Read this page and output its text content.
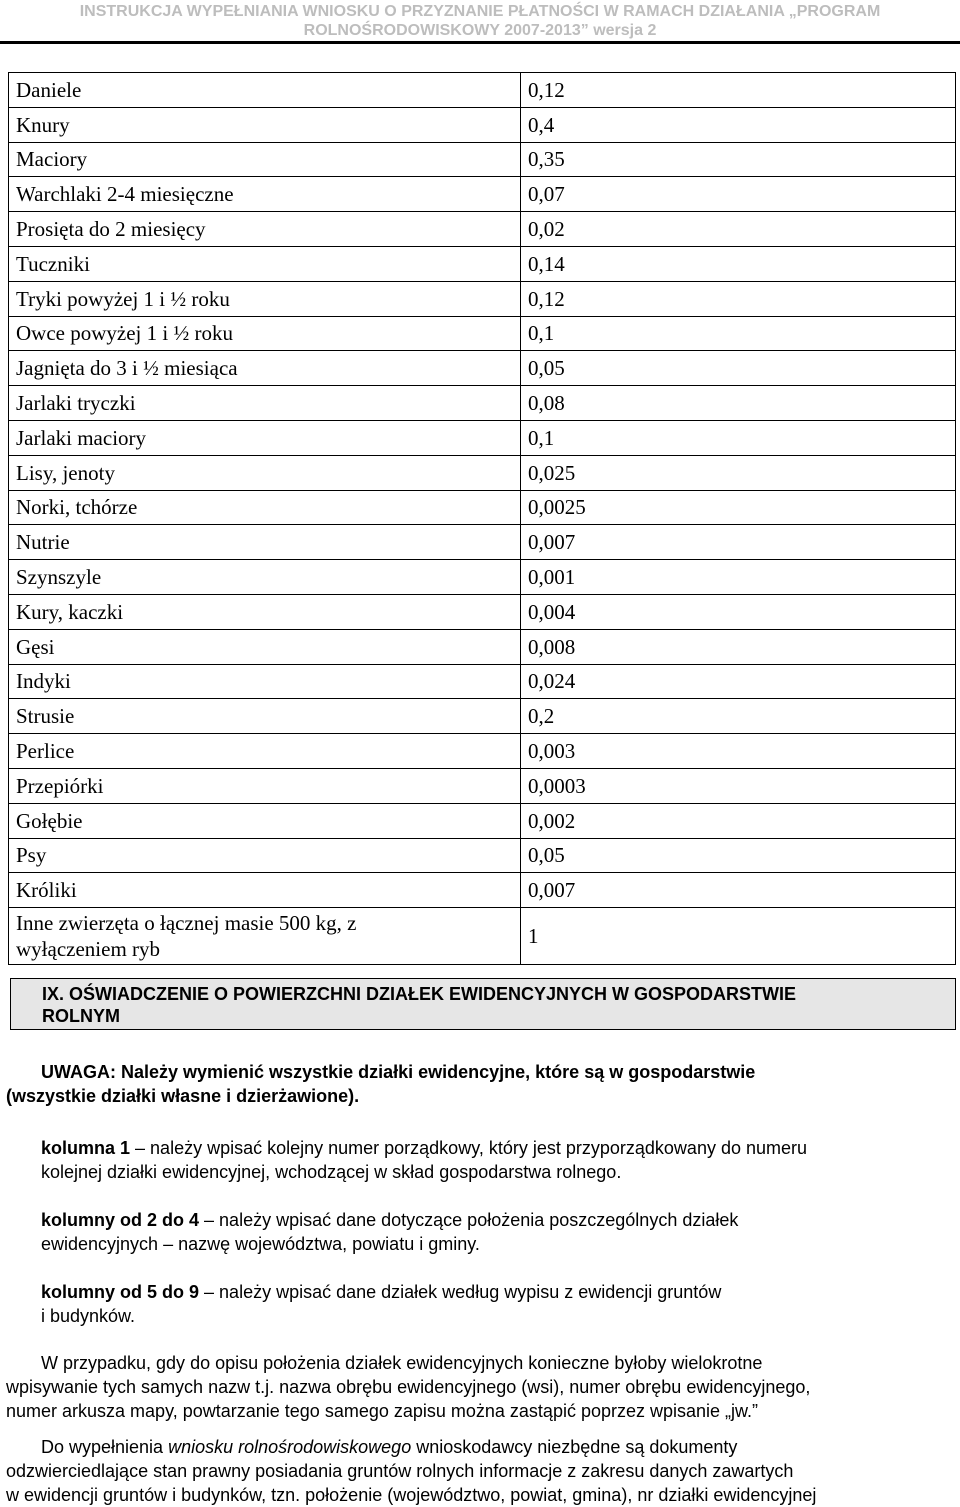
INSTRUKCJA WYPEŁNIANIA WNIOSKU O PRZYZNANIE PŁATNOŚCI W RAMACH DZIAŁANIA „PROGRAM
ROLNOŚRODOWISKOWY 2007-2013” wersja 2
Daniele	0,12
Knury	0,4
Maciory	0,35
Warchlaki 2-4 miesięczne	0,07
Prosięta do 2 miesięcy	0,02
Tuczniki	0,14
Tryki powyżej 1 i ½ roku	0,12
Owce powyżej 1 i ½ roku	0,1
Jagnięta do 3 i ½ miesiąca	0,05
Jarlaki tryczki	0,08
Jarlaki maciory	0,1
Lisy, jenoty	0,025
Norki, tchórze	0,0025
Nutrie	0,007
Szynszyle	0,001
Kury, kaczki	0,004
Gęsi	0,008
Indyki	0,024
Strusie	0,2
Perlice	0,003
Przepiórki	0,0003
Gołębie	0,002
Psy	0,05
Króliki	0,007

Inne zwierzęta o łącznej masie 500 kg, z
wyłączeniem ryb	1
IX. OŚWIADCZENIE O POWIERZCHNI DZIAŁEK EWIDENCYJNYCH W GOSPODARSTWIE
ROLNYM
UWAGA: Należy wymienić wszystkie działki ewidencyjne, które są w gospodarstwie
(wszystkie działki własne i dzierżawione).
kolumna 1 – należy wpisać kolejny numer porządkowy, który jest przyporządkowany do numeru
kolejnej działki ewidencyjnej, wchodzącej w skład gospodarstwa rolnego.
kolumny od 2 do 4 – należy wpisać dane dotyczące położenia poszczególnych działek
ewidencyjnych – nazwę województwa, powiatu i gminy.
kolumny od 5 do 9 – należy wpisać dane działek według wypisu z ewidencji gruntów
i budynków.
W przypadku, gdy do opisu położenia działek ewidencyjnych konieczne byłoby wielokrotne
wpisywanie tych samych nazw t.j. nazwa obrębu ewidencyjnego (wsi), numer obrębu ewidencyjnego,
numer arkusza mapy, powtarzanie tego samego zapisu można zastąpić poprzez wpisanie „jw.”
Do wypełnienia wniosku rolnośrodowiskowego wnioskodawcy niezbędne są dokumenty
odzwierciedlające stan prawny posiadania gruntów rolnych informacje z zakresu danych zawartych
w ewidencji gruntów i budynków, tzn. położenie (województwo, powiat, gmina), nr działki ewidencyjnej
